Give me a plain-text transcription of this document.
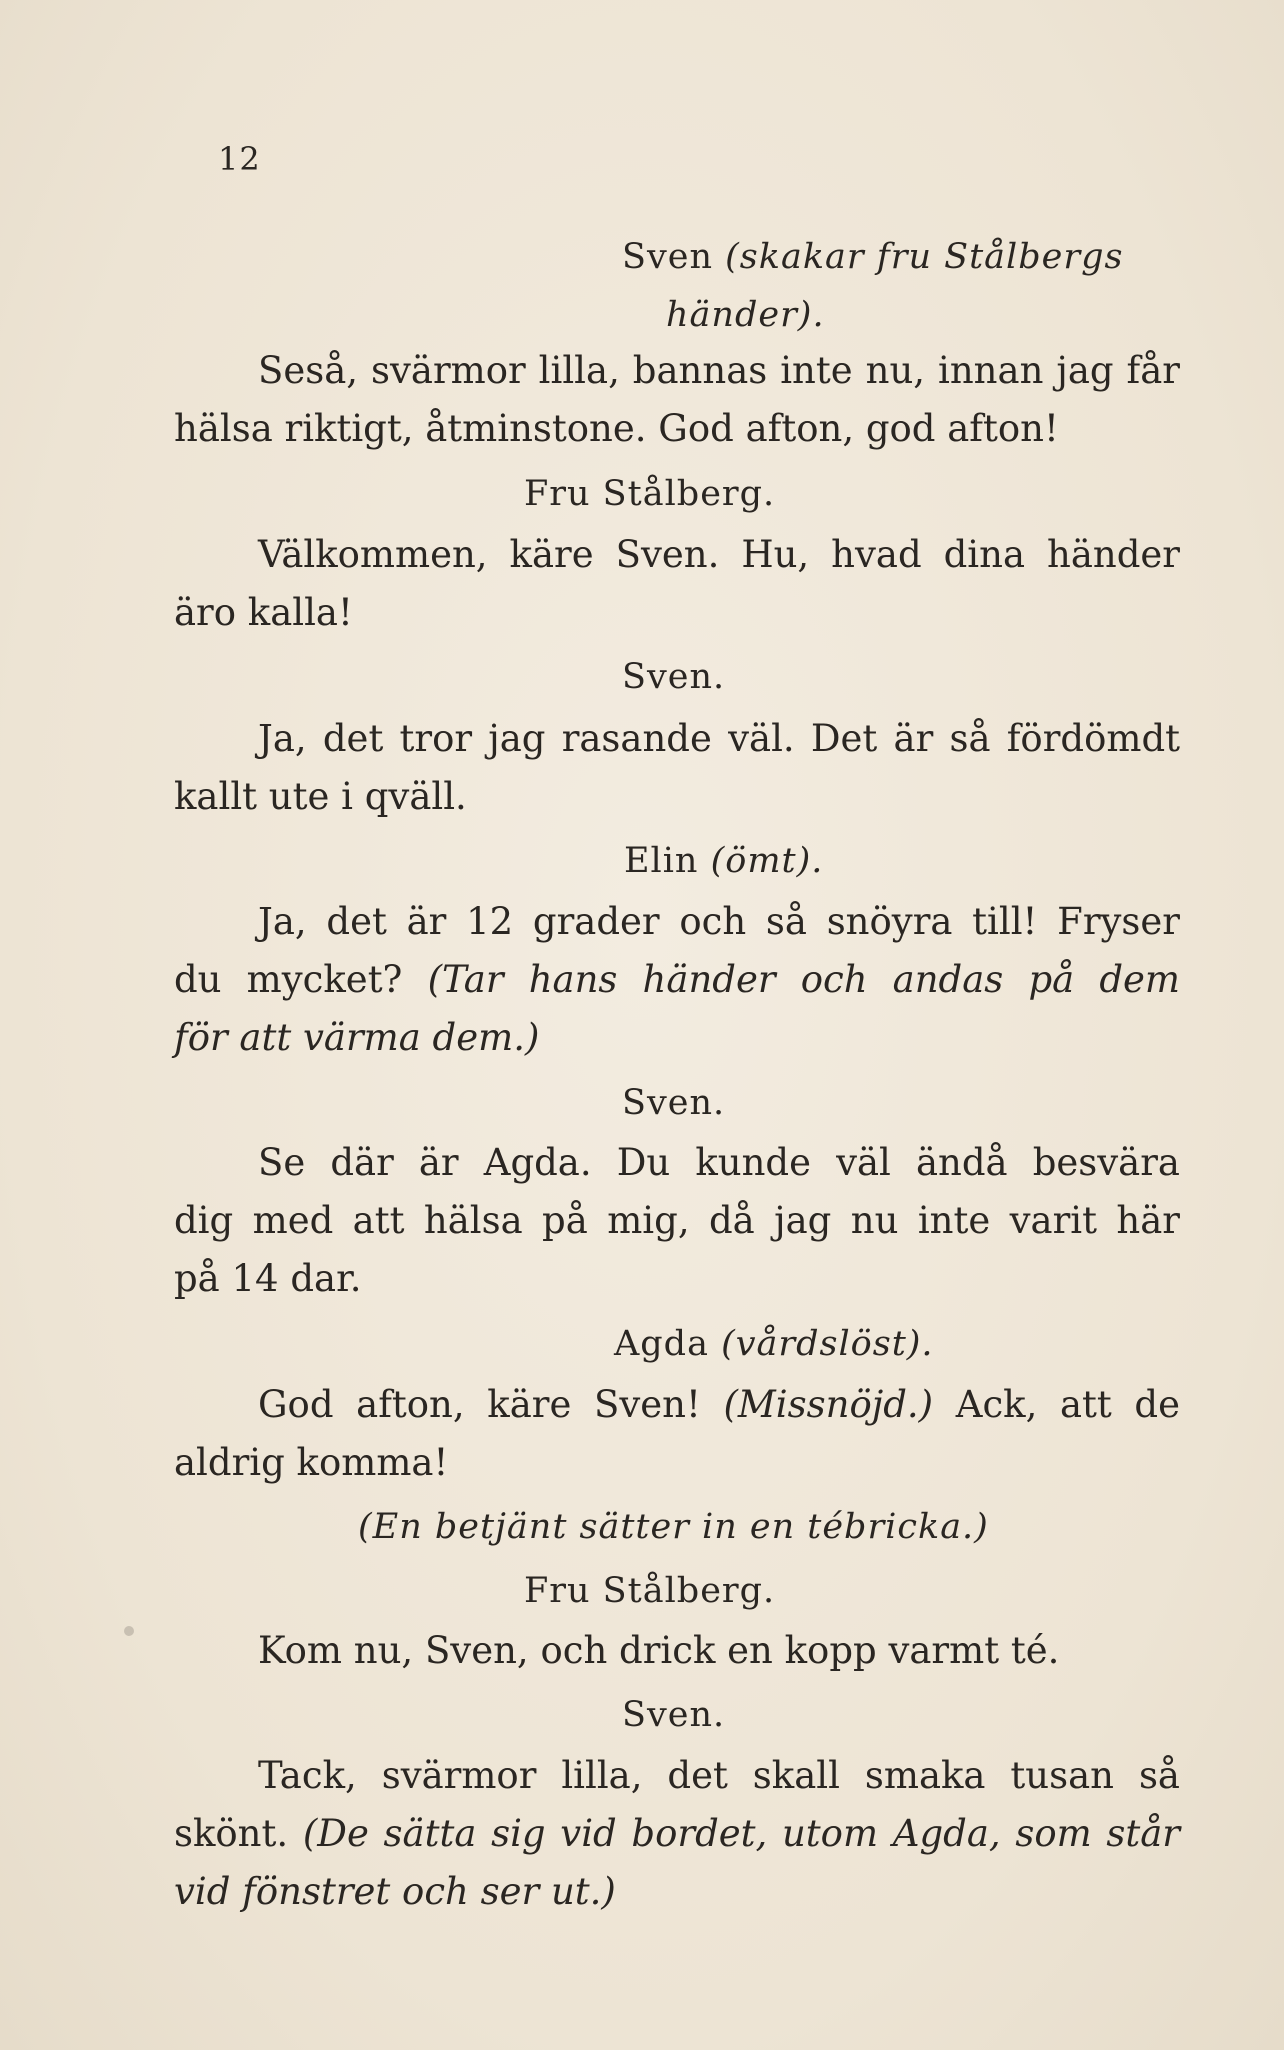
12
Sven (skakar fru Stålbergs
händer).
Seså, svärmor lilla, bannas inte nu, innan jag får
hälsa riktigt, åtminstone. God afton, god afton!
Fru Stålberg.
Välkommen, käre Sven. Hu, hvad dina händer
äro kalla!
Sven.
Ja, det tror jag rasande väl. Det är så fördömdt
kallt ute i qväll.
Elin (ömt).
Ja, det är 12 grader och så snöyra till! Fryser
du mycket? (Tar hans händer och andas på dem
för att värma dem.)
Sven.
Se där är Agda. Du kunde väl ändå besvära
dig med att hälsa på mig, då jag nu inte varit här
på 14 dar.
Agda (vårdslöst).
God afton, käre Sven! (Missnöjd.) Ack, att de
aldrig komma!
(En betjänt sätter in en tébricka.)
Fru Stålberg.
Kom nu, Sven, och drick en kopp varmt té.
Sven.
Tack, svärmor lilla, det skall smaka tusan så
skönt. (De sätta sig vid bordet, utom Agda, som står
vid fönstret och ser ut.)
